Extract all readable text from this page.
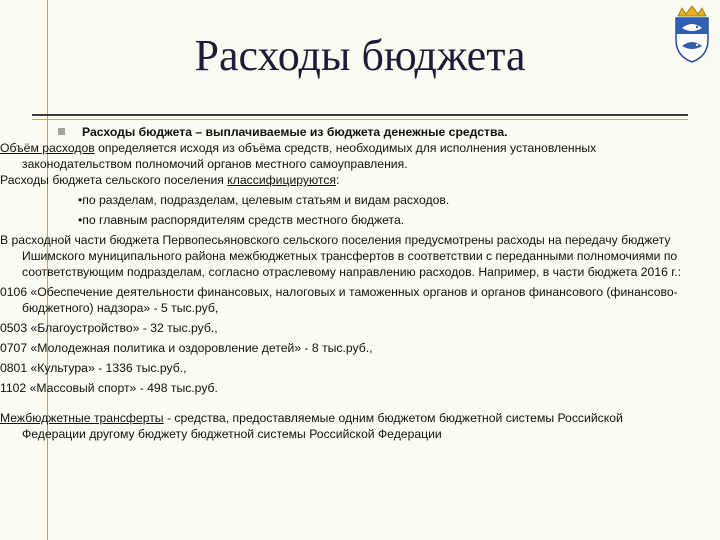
Расходы бюджета
Расходы бюджета – выплачиваемые из бюджета денежные средства.

Объём расходов определяется исходя из объёма средств, необходимых для исполнения установленных законодательством полномочий органов местного самоуправления.

Расходы бюджета сельского поселения классифицируются:

•по разделам, подразделам, целевым статьям и видам расходов.

•по главным распорядителям средств местного бюджета.

В расходной части бюджета Первопесьяновского сельского поселения предусмотрены расходы на передачу бюджету Ишимского муниципального района межбюджетных трансфертов в соответствии с переданными полномочиями по соответствующим подразделам, согласно отраслевому направлению расходов. Например, в части бюджета 2016 г.:

0106 «Обеспечение деятельности финансовых, налоговых и таможенных органов и органов финансового (финансово-бюджетного) надзора» - 5 тыс.руб,

0503 «Благоустройство» - 32 тыс.руб.,

0707 «Молодежная политика и оздоровление детей» - 8 тыс.руб.,

0801 «Культура» - 1336 тыс.руб.,

1102 «Массовый спорт» - 498 тыс.руб.

Межбюджетные трансферты - средства, предоставляемые одним бюджетом бюджетной системы Российской Федерации другому бюджету бюджетной системы Российской Федерации
